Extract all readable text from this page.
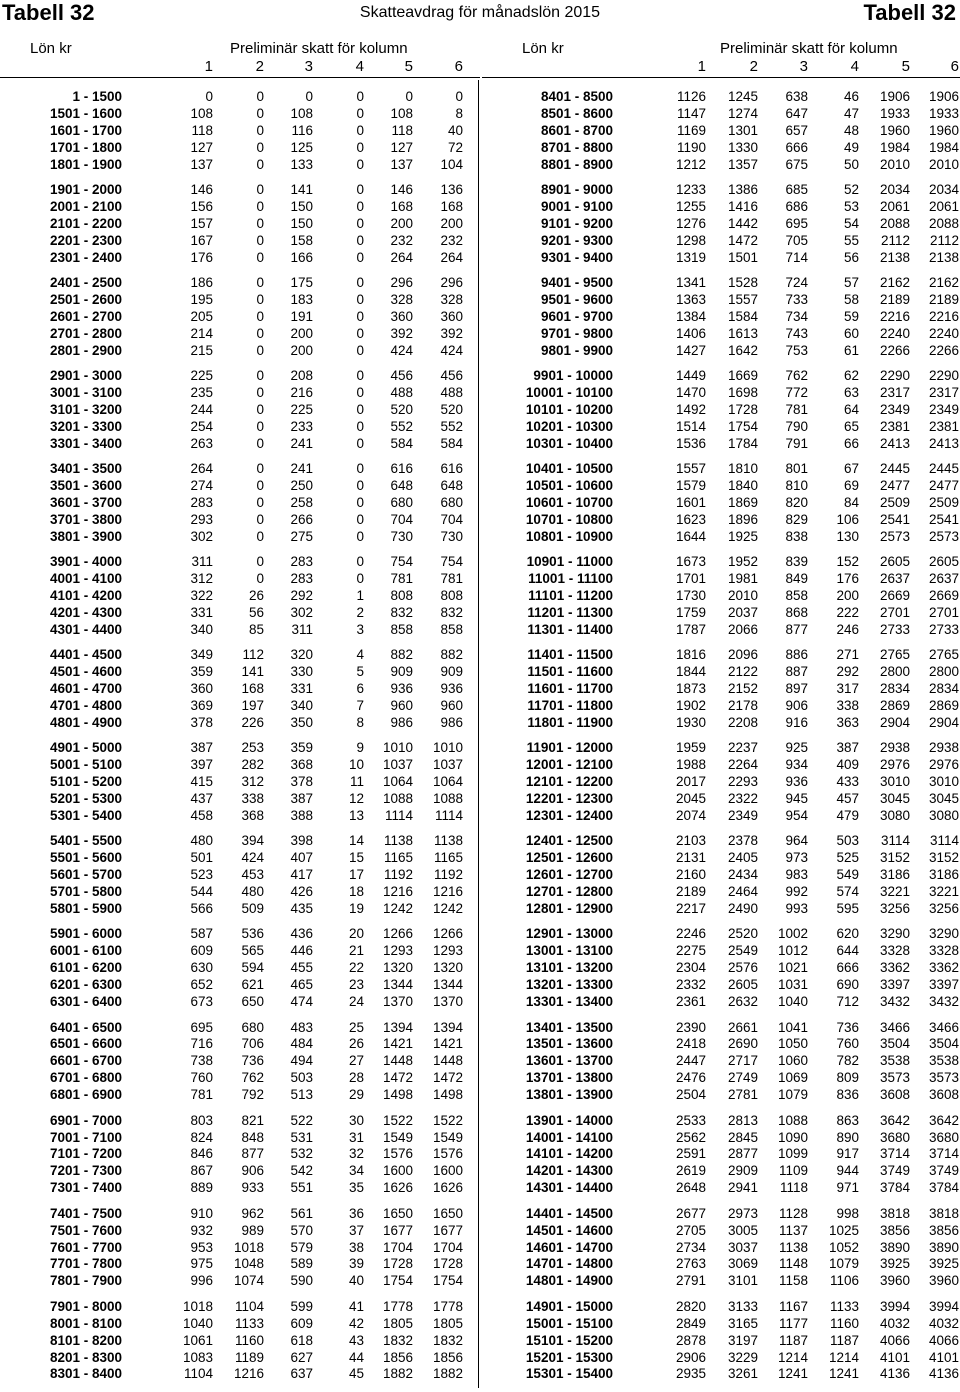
Tabell 32	Skatteavdrag för månadslön 2015	Tabell 32
Lön kr	Preliminär skatt för kolumn
1	2	3	4	5	6
1 - 1500	0	0	0	0	0	0
1501 - 1600	108	0	108	0	108	8
1601 - 1700	118	0	116	0	118	40
1701 - 1800	127	0	125	0	127	72
1801 - 1900	137	0	133	0	137	104
1901 - 2000	146	0	141	0	146	136
2001 - 2100	156	0	150	0	168	168
2101 - 2200	157	0	150	0	200	200
2201 - 2300	167	0	158	0	232	232
2301 - 2400	176	0	166	0	264	264
2401 - 2500	186	0	175	0	296	296
2501 - 2600	195	0	183	0	328	328
2601 - 2700	205	0	191	0	360	360
2701 - 2800	214	0	200	0	392	392
2801 - 2900	215	0	200	0	424	424
2901 - 3000	225	0	208	0	456	456
3001 - 3100	235	0	216	0	488	488
3101 - 3200	244	0	225	0	520	520
3201 - 3300	254	0	233	0	552	552
3301 - 3400	263	0	241	0	584	584
3401 - 3500	264	0	241	0	616	616
3501 - 3600	274	0	250	0	648	648
3601 - 3700	283	0	258	0	680	680
3701 - 3800	293	0	266	0	704	704
3801 - 3900	302	0	275	0	730	730
3901 - 4000	311	0	283	0	754	754
4001 - 4100	312	0	283	0	781	781
4101 - 4200	322	26	292	1	808	808
4201 - 4300	331	56	302	2	832	832
4301 - 4400	340	85	311	3	858	858
4401 - 4500	349	112	320	4	882	882
4501 - 4600	359	141	330	5	909	909
4601 - 4700	360	168	331	6	936	936
4701 - 4800	369	197	340	7	960	960
4801 - 4900	378	226	350	8	986	986
4901 - 5000	387	253	359	9	1010	1010
5001 - 5100	397	282	368	10	1037	1037
5101 - 5200	415	312	378	11	1064	1064
5201 - 5300	437	338	387	12	1088	1088
5301 - 5400	458	368	388	13	1114	1114
5401 - 5500	480	394	398	14	1138	1138
5501 - 5600	501	424	407	15	1165	1165
5601 - 5700	523	453	417	17	1192	1192
5701 - 5800	544	480	426	18	1216	1216
5801 - 5900	566	509	435	19	1242	1242
5901 - 6000	587	536	436	20	1266	1266
6001 - 6100	609	565	446	21	1293	1293
6101 - 6200	630	594	455	22	1320	1320
6201 - 6300	652	621	465	23	1344	1344
6301 - 6400	673	650	474	24	1370	1370
6401 - 6500	695	680	483	25	1394	1394
6501 - 6600	716	706	484	26	1421	1421
6601 - 6700	738	736	494	27	1448	1448
6701 - 6800	760	762	503	28	1472	1472
6801 - 6900	781	792	513	29	1498	1498
6901 - 7000	803	821	522	30	1522	1522
7001 - 7100	824	848	531	31	1549	1549
7101 - 7200	846	877	532	32	1576	1576
7201 - 7300	867	906	542	34	1600	1600
7301 - 7400	889	933	551	35	1626	1626
7401 - 7500	910	962	561	36	1650	1650
7501 - 7600	932	989	570	37	1677	1677
7601 - 7700	953	1018	579	38	1704	1704
7701 - 7800	975	1048	589	39	1728	1728
7801 - 7900	996	1074	590	40	1754	1754
7901 - 8000	1018	1104	599	41	1778	1778
8001 - 8100	1040	1133	609	42	1805	1805
8101 - 8200	1061	1160	618	43	1832	1832
8201 - 8300	1083	1189	627	44	1856	1856
8301 - 8400	1104	1216	637	45	1882	1882
Lön kr	Preliminär skatt för kolumn
1	2	3	4	5	6
8401 - 8500	1126	1245	638	46	1906	1906
8501 - 8600	1147	1274	647	47	1933	1933
8601 - 8700	1169	1301	657	48	1960	1960
8701 - 8800	1190	1330	666	49	1984	1984
8801 - 8900	1212	1357	675	50	2010	2010
8901 - 9000	1233	1386	685	52	2034	2034
9001 - 9100	1255	1416	686	53	2061	2061
9101 - 9200	1276	1442	695	54	2088	2088
9201 - 9300	1298	1472	705	55	2112	2112
9301 - 9400	1319	1501	714	56	2138	2138
9401 - 9500	1341	1528	724	57	2162	2162
9501 - 9600	1363	1557	733	58	2189	2189
9601 - 9700	1384	1584	734	59	2216	2216
9701 - 9800	1406	1613	743	60	2240	2240
9801 - 9900	1427	1642	753	61	2266	2266
9901 - 10000	1449	1669	762	62	2290	2290
10001 - 10100	1470	1698	772	63	2317	2317
10101 - 10200	1492	1728	781	64	2349	2349
10201 - 10300	1514	1754	790	65	2381	2381
10301 - 10400	1536	1784	791	66	2413	2413
10401 - 10500	1557	1810	801	67	2445	2445
10501 - 10600	1579	1840	810	69	2477	2477
10601 - 10700	1601	1869	820	84	2509	2509
10701 - 10800	1623	1896	829	106	2541	2541
10801 - 10900	1644	1925	838	130	2573	2573
10901 - 11000	1673	1952	839	152	2605	2605
11001 - 11100	1701	1981	849	176	2637	2637
11101 - 11200	1730	2010	858	200	2669	2669
11201 - 11300	1759	2037	868	222	2701	2701
11301 - 11400	1787	2066	877	246	2733	2733
11401 - 11500	1816	2096	886	271	2765	2765
11501 - 11600	1844	2122	887	292	2800	2800
11601 - 11700	1873	2152	897	317	2834	2834
11701 - 11800	1902	2178	906	338	2869	2869
11801 - 11900	1930	2208	916	363	2904	2904
11901 - 12000	1959	2237	925	387	2938	2938
12001 - 12100	1988	2264	934	409	2976	2976
12101 - 12200	2017	2293	936	433	3010	3010
12201 - 12300	2045	2322	945	457	3045	3045
12301 - 12400	2074	2349	954	479	3080	3080
12401 - 12500	2103	2378	964	503	3114	3114
12501 - 12600	2131	2405	973	525	3152	3152
12601 - 12700	2160	2434	983	549	3186	3186
12701 - 12800	2189	2464	992	574	3221	3221
12801 - 12900	2217	2490	993	595	3256	3256
12901 - 13000	2246	2520	1002	620	3290	3290
13001 - 13100	2275	2549	1012	644	3328	3328
13101 - 13200	2304	2576	1021	666	3362	3362
13201 - 13300	2332	2605	1031	690	3397	3397
13301 - 13400	2361	2632	1040	712	3432	3432
13401 - 13500	2390	2661	1041	736	3466	3466
13501 - 13600	2418	2690	1050	760	3504	3504
13601 - 13700	2447	2717	1060	782	3538	3538
13701 - 13800	2476	2749	1069	809	3573	3573
13801 - 13900	2504	2781	1079	836	3608	3608
13901 - 14000	2533	2813	1088	863	3642	3642
14001 - 14100	2562	2845	1090	890	3680	3680
14101 - 14200	2591	2877	1099	917	3714	3714
14201 - 14300	2619	2909	1109	944	3749	3749
14301 - 14400	2648	2941	1118	971	3784	3784
14401 - 14500	2677	2973	1128	998	3818	3818
14501 - 14600	2705	3005	1137	1025	3856	3856
14601 - 14700	2734	3037	1138	1052	3890	3890
14701 - 14800	2763	3069	1148	1079	3925	3925
14801 - 14900	2791	3101	1158	1106	3960	3960
14901 - 15000	2820	3133	1167	1133	3994	3994
15001 - 15100	2849	3165	1177	1160	4032	4032
15101 - 15200	2878	3197	1187	1187	4066	4066
15201 - 15300	2906	3229	1214	1214	4101	4101
15301 - 15400	2935	3261	1241	1241	4136	4136
